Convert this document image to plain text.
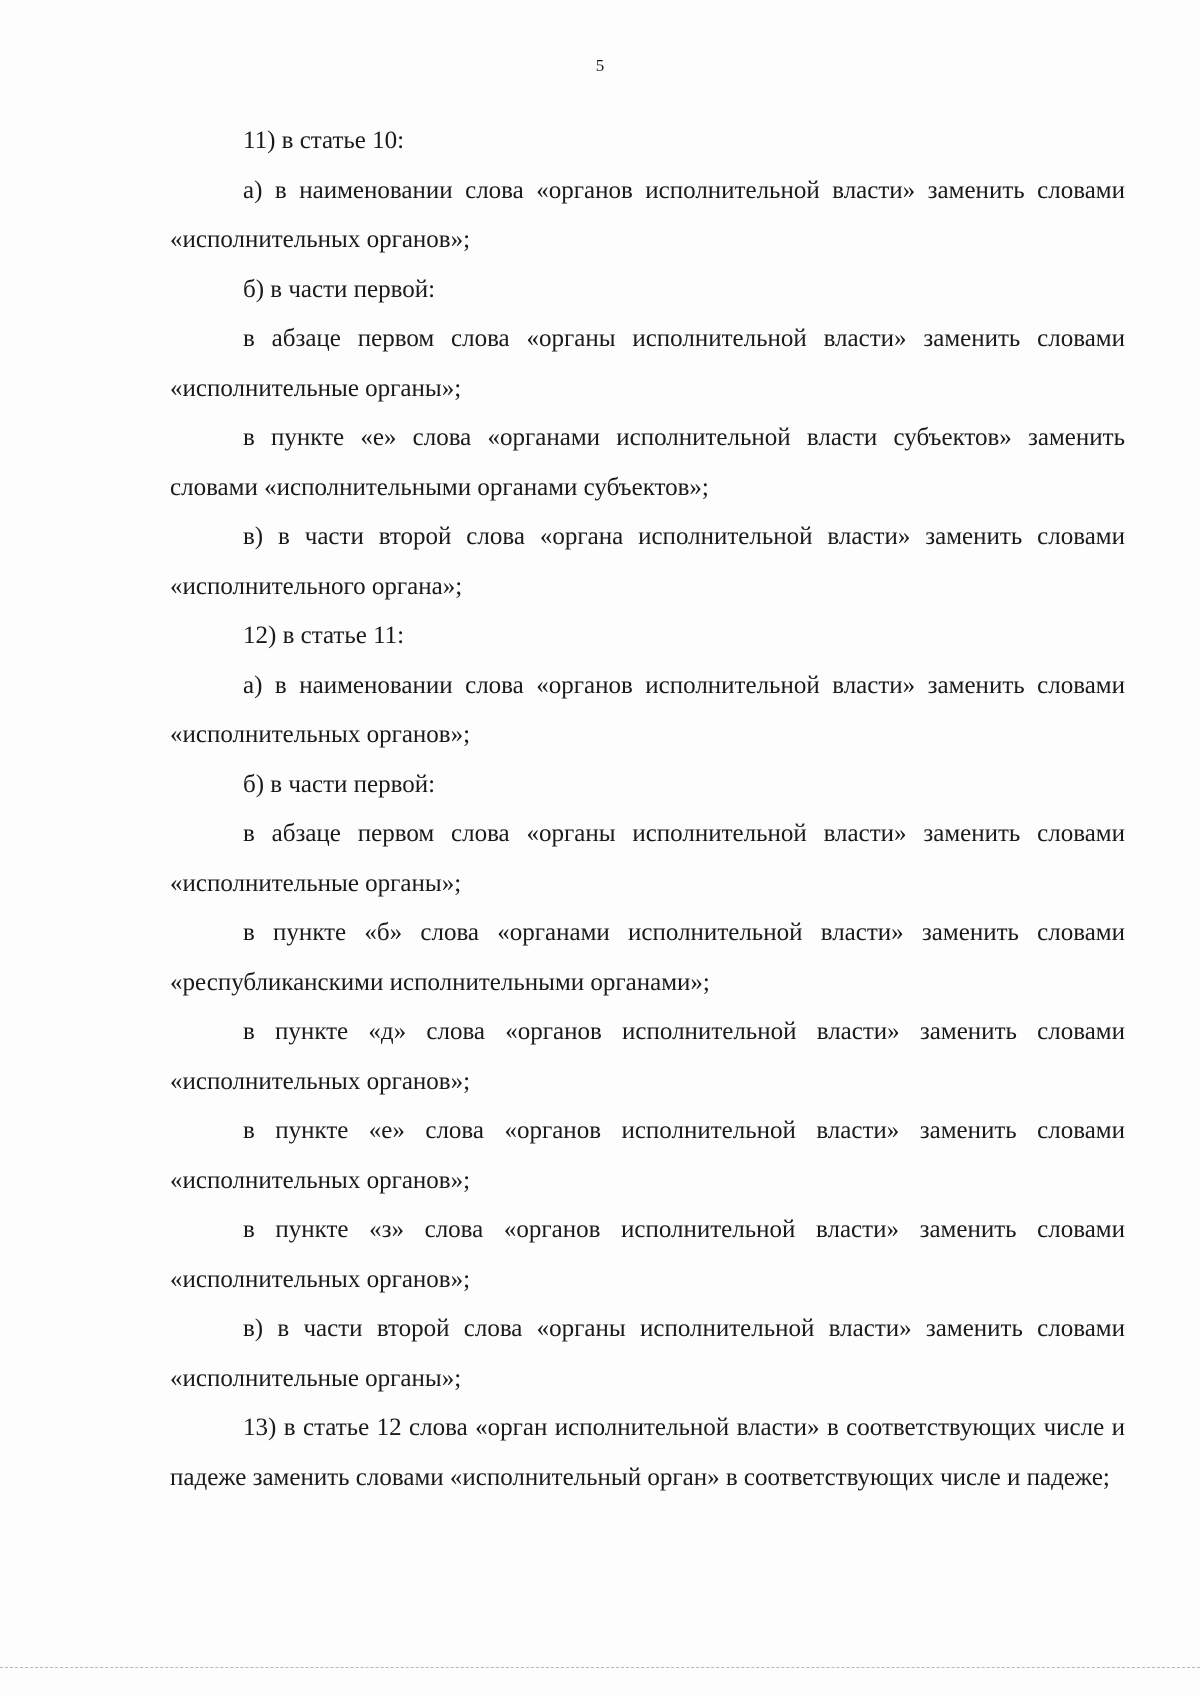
5

11) в статье 10:

а) в наименовании слова «органов исполнительной власти» заменить словами «исполнительных органов»;

б) в части первой:

в абзаце первом слова «органы исполнительной власти» заменить словами «исполнительные органы»;

в пункте «е» слова «органами исполнительной власти субъектов» заменить словами «исполнительными органами субъектов»;

в) в части второй слова «органа исполнительной власти» заменить словами «исполнительного органа»;

12) в статье 11:

а) в наименовании слова «органов исполнительной власти» заменить словами «исполнительных органов»;

б) в части первой:

в абзаце первом слова «органы исполнительной власти» заменить словами «исполнительные органы»;

в пункте «б» слова «органами исполнительной власти» заменить словами «республиканскими исполнительными органами»;

в пункте «д» слова «органов исполнительной власти» заменить словами «исполнительных органов»;

в пункте «е» слова «органов исполнительной власти» заменить словами «исполнительных органов»;

в пункте «з» слова «органов исполнительной власти» заменить словами «исполнительных органов»;

в) в части второй слова «органы исполнительной власти» заменить словами «исполнительные органы»;

13) в статье 12 слова «орган исполнительной власти» в соответствующих числе и падеже заменить словами «исполнительный орган» в соответствующих числе и падеже;
